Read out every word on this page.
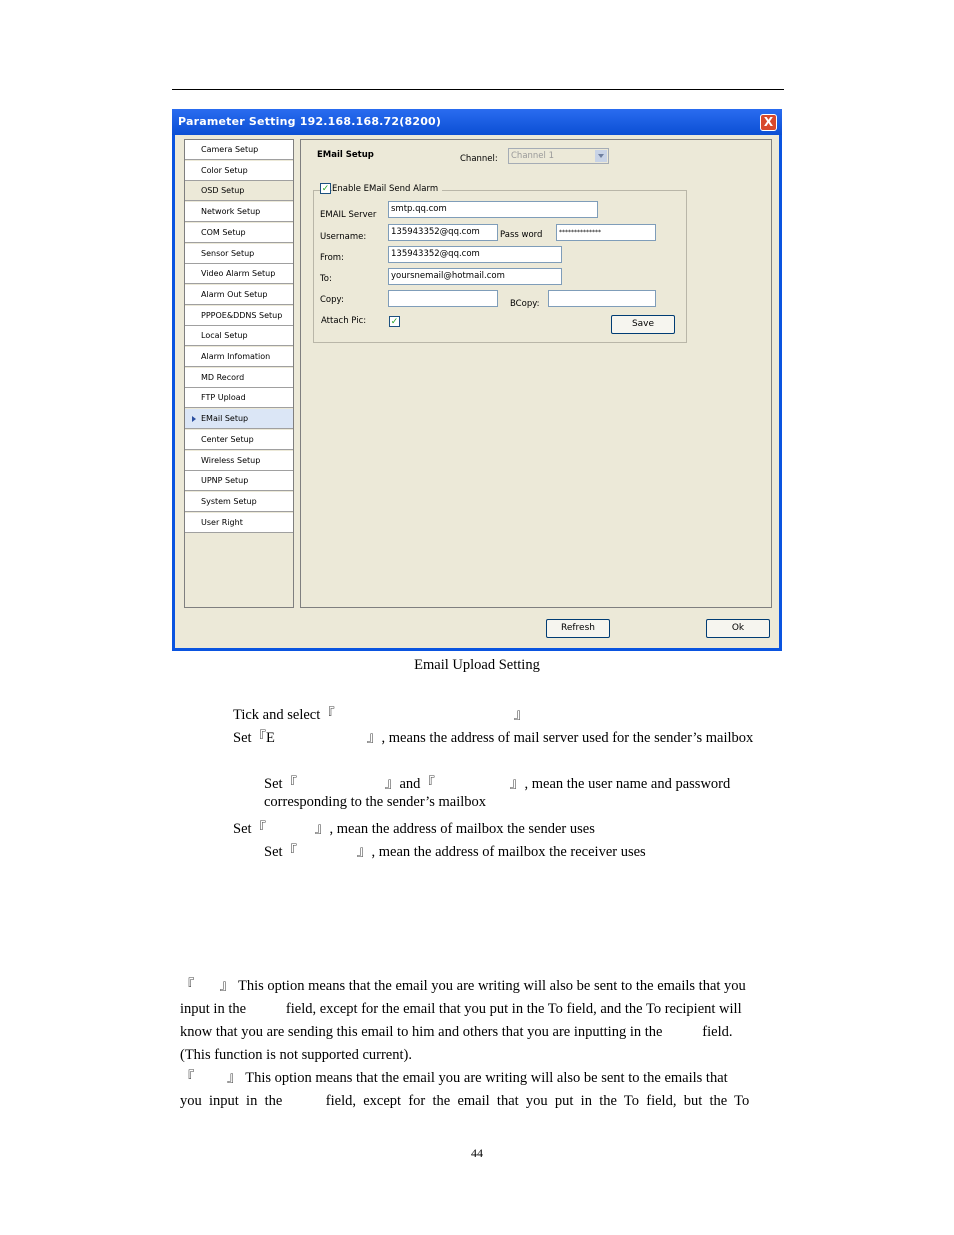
Parameter Setting 192.168.168.72(8200)	X
Camera Setup
Color Setup
OSD Setup
Network Setup
COM Setup
Sensor Setup
Video Alarm Setup
Alarm Out Setup
PPPOE&DDNS Setup
Local Setup
Alarm Infomation
MD Record
FTP Upload
EMail Setup
Center Setup
Wireless Setup
UPNP Setup
System Setup
User Right
EMail Setup	Channel:	Channel 1
✓ Enable EMail Send Alarm
EMAIL Server
smtp.qq.com
Username:	135943352@qq.com	Pass word	**************
From:	135943352@qq.com
To:	yoursnemail@hotmail.com
Copy:	BCopy:
Attach Pic:	✓	Save
Refresh	Ok
Email Upload Setting
Tick and select『	』
Set『E	』, means the address of mail server used for the sender’s mailbox
Set『	』and『	』, mean the user name and password
corresponding to the sender’s mailbox
Set『	』, mean the address of mailbox the sender uses
Set『	』, mean the address of mailbox the receiver uses
『       』 This option means that the email you are writing will also be sent to the emails that you
input in the           field, except for the email that you put in the To field, and the To recipient will
know that you are sending this email to him and others that you are inputting in the           field.
(This function is not supported current).
『         』 This option means that the email you are writing will also be sent to the emails that
you  input  in  the            field,  except  for  the  email  that  you  put  in  the  To  field,  but  the  To
44
